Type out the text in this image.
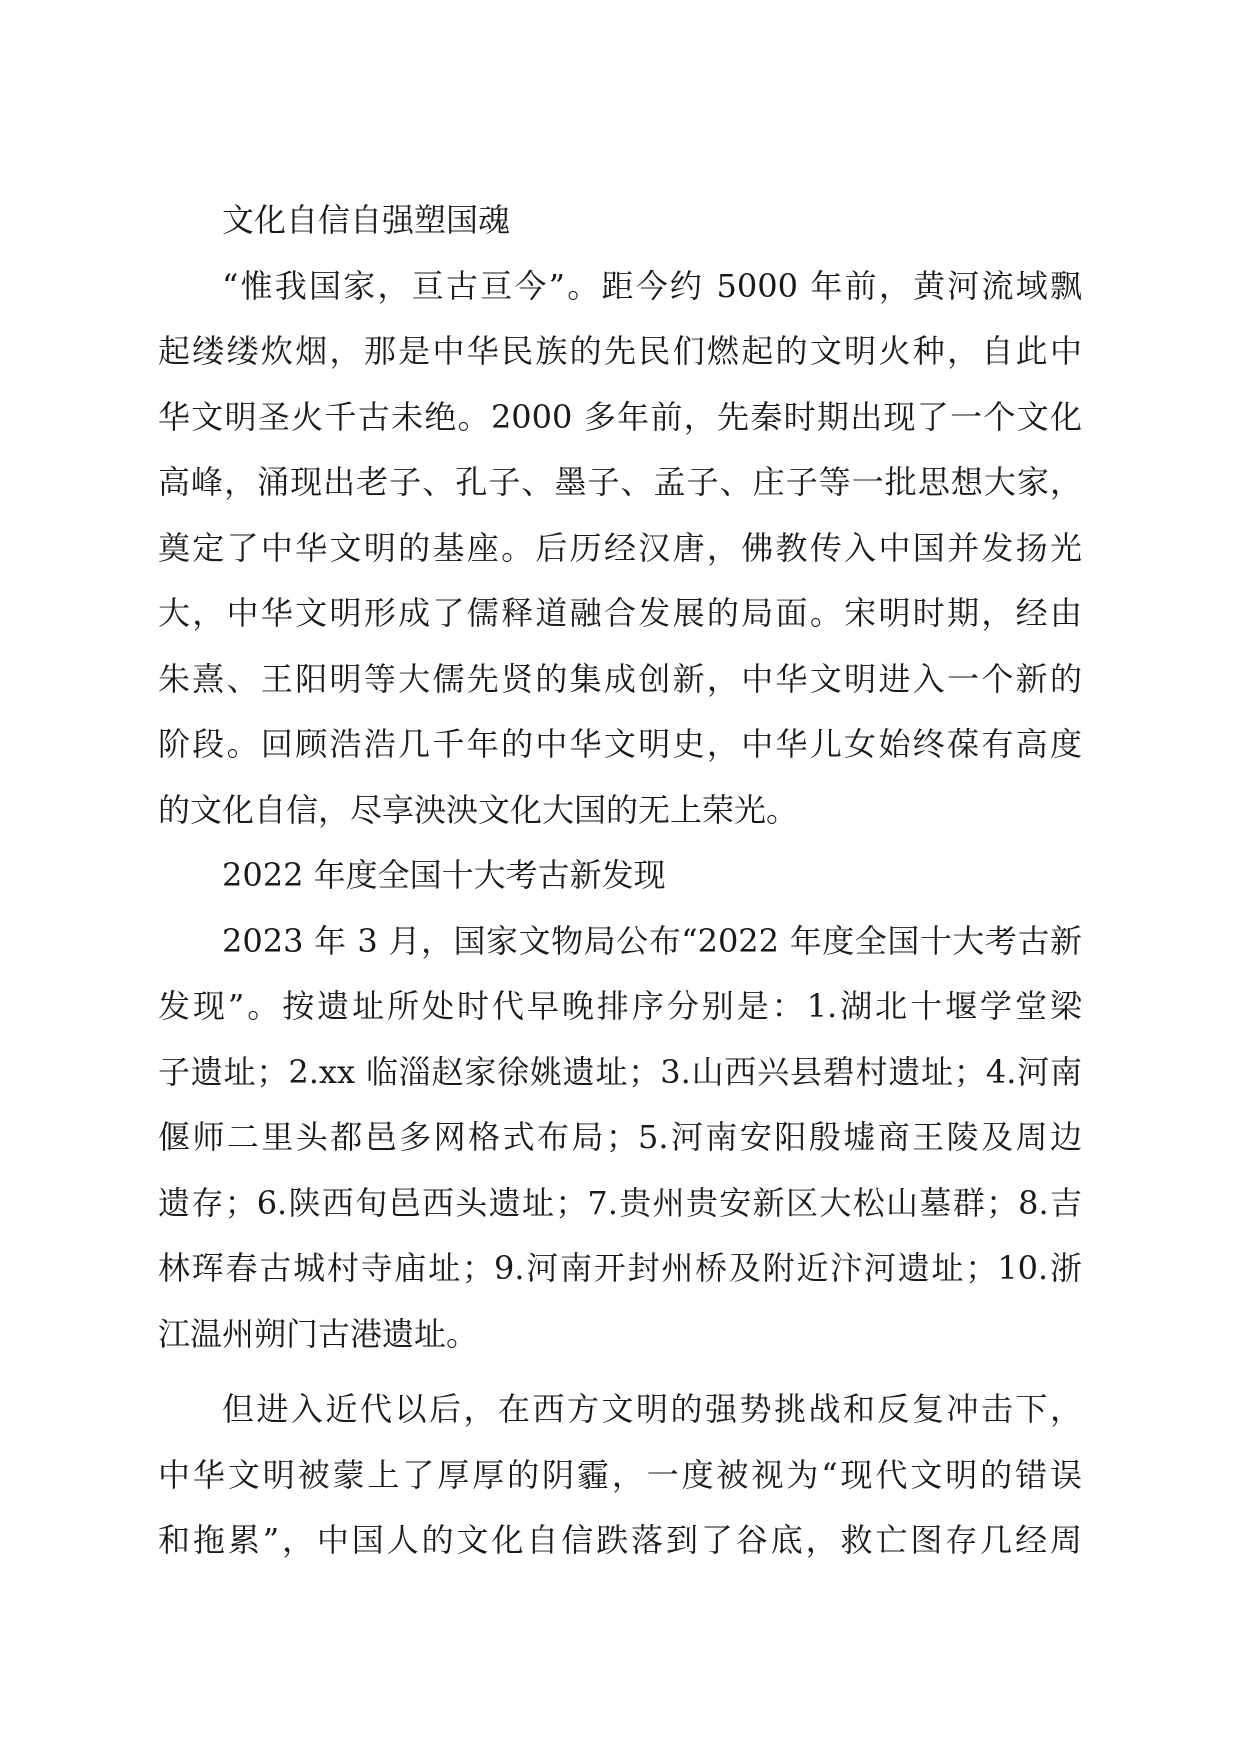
文化自信自强塑国魂
“惟我国家，亘古亘今”。距今约 5000 年前，黄河流域飘
起缕缕炊烟，那是中华民族的先民们燃起的文明火种，自此中
华文明圣火千古未绝。2000 多年前，先秦时期出现了一个文化
高峰，涌现出老子、孔子、墨子、孟子、庄子等一批思想大家，
奠定了中华文明的基座。后历经汉唐，佛教传入中国并发扬光
大，中华文明形成了儒释道融合发展的局面。宋明时期，经由
朱熹、王阳明等大儒先贤的集成创新，中华文明进入一个新的
阶段。回顾浩浩几千年的中华文明史，中华儿女始终葆有高度
的文化自信，尽享泱泱文化大国的无上荣光。
2022 年度全国十大考古新发现
2023 年 3 月，国家文物局公布“2022 年度全国十大考古新
发现”。按遗址所处时代早晚排序分别是：1.湖北十堰学堂梁
子遗址；2.xx 临淄赵家徐姚遗址；3.山西兴县碧村遗址；4.河南
偃师二里头都邑多网格式布局；5.河南安阳殷墟商王陵及周边
遗存；6.陕西旬邑西头遗址；7.贵州贵安新区大松山墓群；8.吉
林珲春古城村寺庙址；9.河南开封州桥及附近汴河遗址；10.浙
江温州朔门古港遗址。
但进入近代以后，在西方文明的强势挑战和反复冲击下，
中华文明被蒙上了厚厚的阴霾，一度被视为“现代文明的错误
和拖累”，中国人的文化自信跌落到了谷底，救亡图存几经周
